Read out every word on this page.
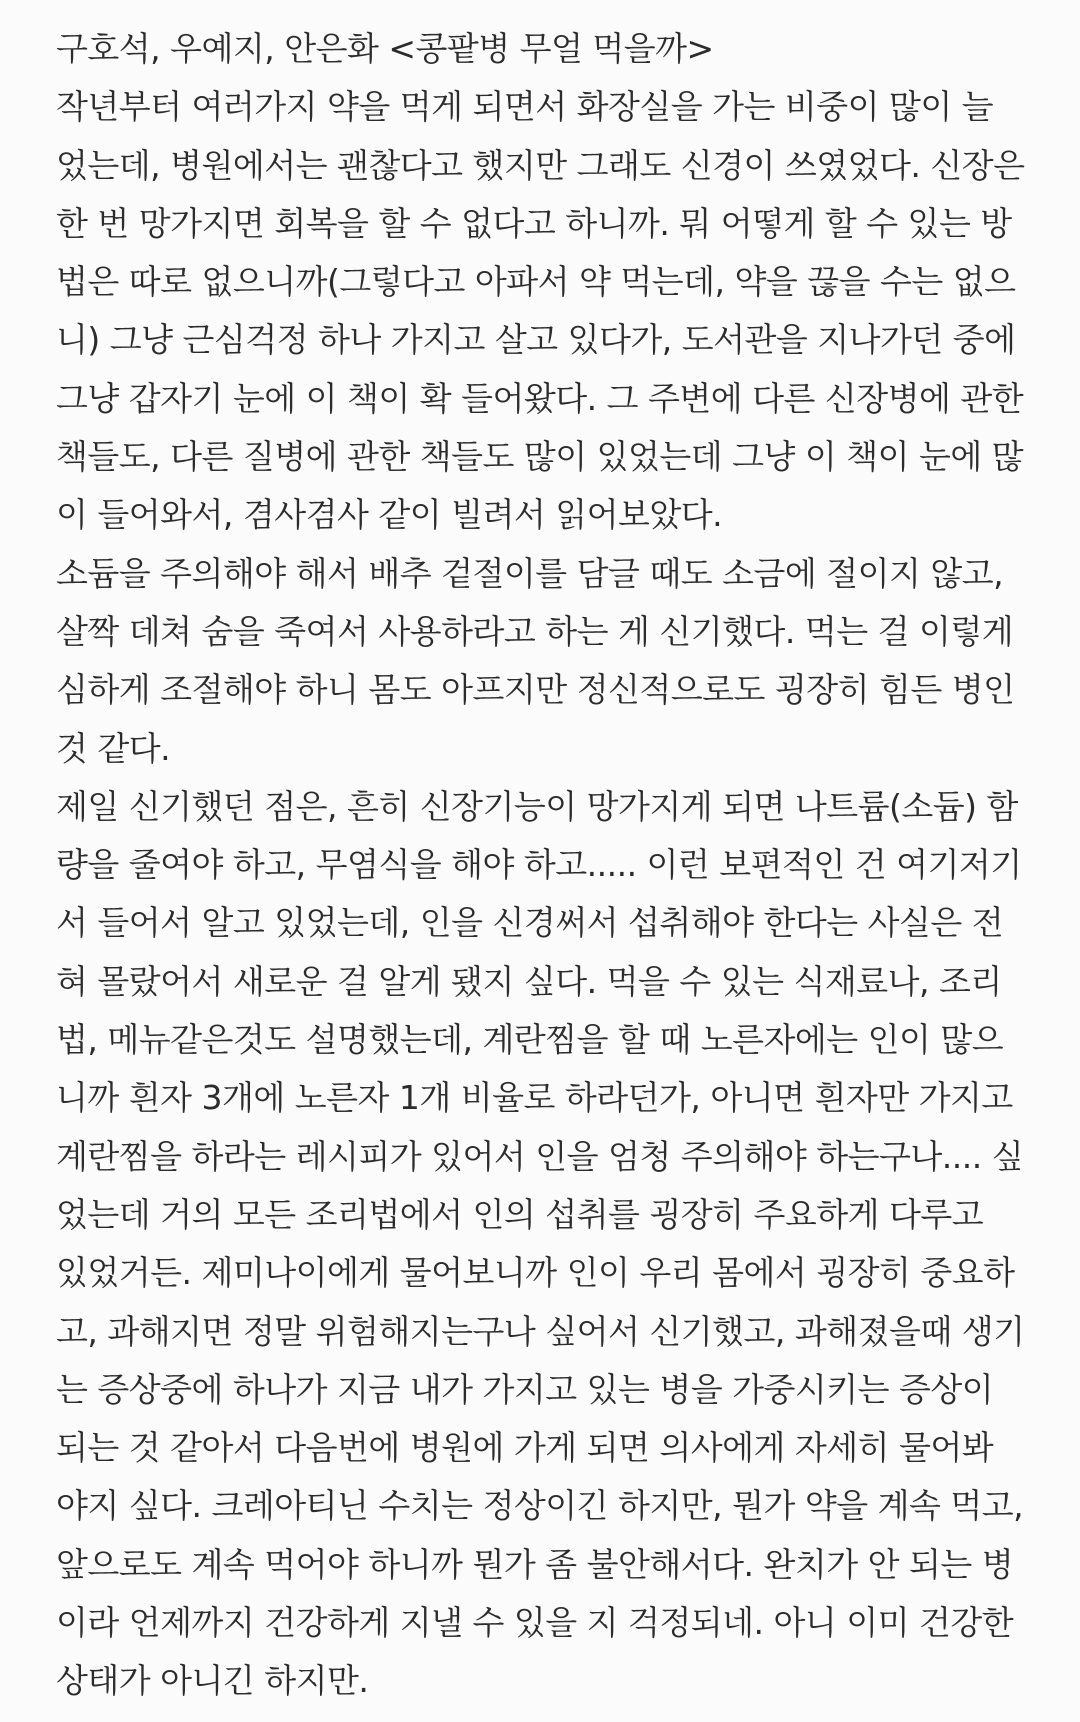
구호석, 우예지, 안은화 <콩팥병 무얼 먹을까>
작년부터 여러가지 약을 먹게 되면서 화장실을 가는 비중이 많이 늘
었는데, 병원에서는 괜찮다고 했지만 그래도 신경이 쓰였었다. 신장은
한 번 망가지면 회복을 할 수 없다고 하니까. 뭐 어떻게 할 수 있는 방
법은 따로 없으니까(그렇다고 아파서 약 먹는데, 약을 끊을 수는 없으
니) 그냥 근심걱정 하나 가지고 살고 있다가, 도서관을 지나가던 중에
그냥 갑자기 눈에 이 책이 확 들어왔다. 그 주변에 다른 신장병에 관한
책들도, 다른 질병에 관한 책들도 많이 있었는데 그냥 이 책이 눈에 많
이 들어와서, 겸사겸사 같이 빌려서 읽어보았다.
소듐을 주의해야 해서 배추 겉절이를 담글 때도 소금에 절이지 않고,
살짝 데쳐 숨을 죽여서 사용하라고 하는 게 신기했다. 먹는 걸 이렇게
심하게 조절해야 하니 몸도 아프지만 정신적으로도 굉장히 힘든 병인
것 같다.
제일 신기했던 점은, 흔히 신장기능이 망가지게 되면 나트륨(소듐) 함
량을 줄여야 하고, 무염식을 해야 하고..... 이런 보편적인 건 여기저기
서 들어서 알고 있었는데, 인을 신경써서 섭취해야 한다는 사실은 전
혀 몰랐어서 새로운 걸 알게 됐지 싶다. 먹을 수 있는 식재료나, 조리
법, 메뉴같은것도 설명했는데, 계란찜을 할 때 노른자에는 인이 많으
니까 흰자 3개에 노른자 1개 비율로 하라던가, 아니면 흰자만 가지고
계란찜을 하라는 레시피가 있어서 인을 엄청 주의해야 하는구나.... 싶
었는데 거의 모든 조리법에서 인의 섭취를 굉장히 주요하게 다루고
있었거든. 제미나이에게 물어보니까 인이 우리 몸에서 굉장히 중요하
고, 과해지면 정말 위험해지는구나 싶어서 신기했고, 과해졌을때 생기
는 증상중에 하나가 지금 내가 가지고 있는 병을 가중시키는 증상이
되는 것 같아서 다음번에 병원에 가게 되면 의사에게 자세히 물어봐
야지 싶다. 크레아티닌 수치는 정상이긴 하지만, 뭔가 약을 계속 먹고,
앞으로도 계속 먹어야 하니까 뭔가 좀 불안해서다. 완치가 안 되는 병
이라 언제까지 건강하게 지낼 수 있을 지 걱정되네. 아니 이미 건강한
상태가 아니긴 하지만.
